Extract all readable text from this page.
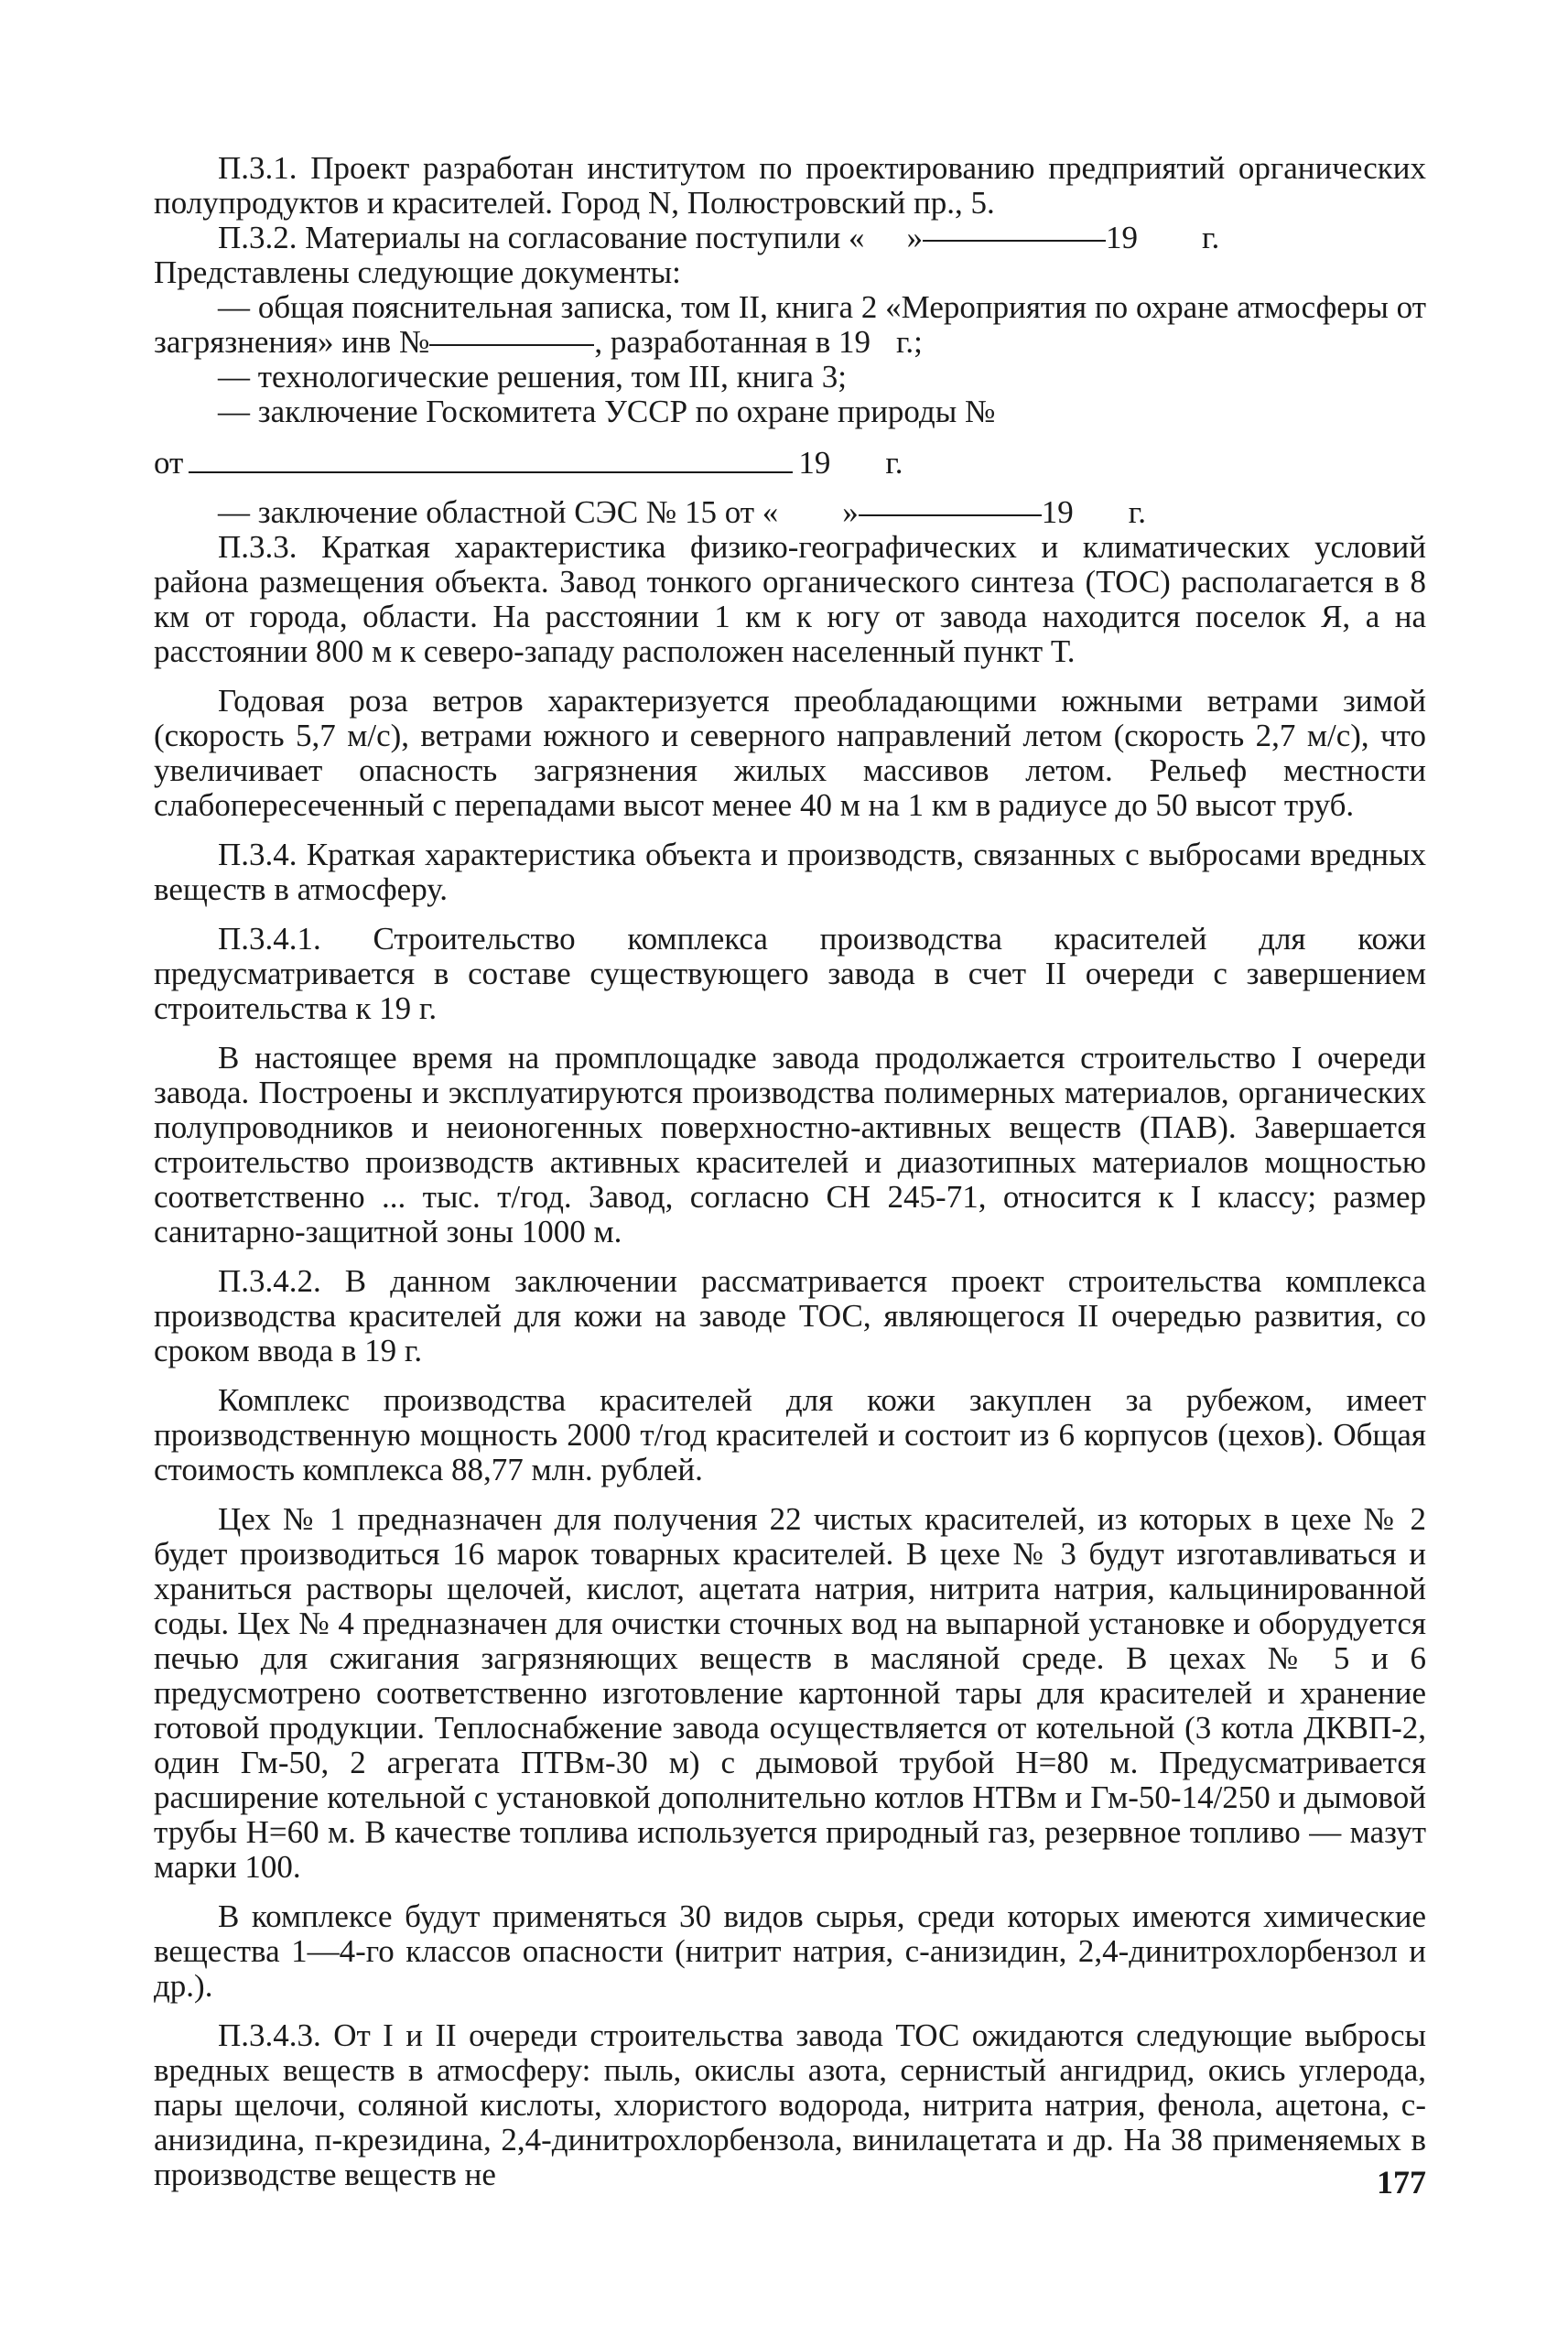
П.3.1. Проект разработан институтом по проектированию предприятий органических полупродуктов и красителей. Город N, Полюстровский пр., 5.

П.3.2. Материалы на согласование поступили « »	19 г.

Представлены следующие документы:

— общая пояснительная записка, том II, книга 2 «Мероприятия по охране атмосферы от загрязнения» инв №	, разработанная в 19 г.;

— технологические решения, том III, книга 3;

— заключение Госкомитета УССР по охране природы №

от	19 г.

— заключение областной СЭС № 15 от « »	19 г.

П.3.3. Краткая характеристика физико-географических и климатических условий района размещения объекта. Завод тонкого органического синтеза (ТОС) располагается в 8 км от города, области. На расстоянии 1 км к югу от завода находится поселок Я, а на расстоянии 800 м к северо-западу расположен населенный пункт Т.

Годовая роза ветров характеризуется преобладающими южными ветрами зимой (скорость 5,7 м/с), ветрами южного и северного направлений летом (скорость 2,7 м/с), что увеличивает опасность загрязнения жилых массивов летом. Рельеф местности слабопересеченный с перепадами высот менее 40 м на 1 км в радиусе до 50 высот труб.

П.3.4. Краткая характеристика объекта и производств, связанных с выбросами вредных веществ в атмосферу.

П.3.4.1. Строительство комплекса производства красителей для кожи предусматривается в составе существующего завода в счет II очереди с завершением строительства к 19 г.

В настоящее время на промплощадке завода продолжается строительство I очереди завода. Построены и эксплуатируются производства полимерных материалов, органических полупроводников и неионогенных поверхностно-активных веществ (ПАВ). Завершается строительство производств активных красителей и диазотипных материалов мощностью соответственно ... тыс. т/год. Завод, согласно СН 245-71, относится к I классу; размер санитарно-защитной зоны 1000 м.

П.3.4.2. В данном заключении рассматривается проект строительства комплекса производства красителей для кожи на заводе ТОС, являющегося II очередью развития, со сроком ввода в 19 г.

Комплекс производства красителей для кожи закуплен за рубежом, имеет производственную мощность 2000 т/год красителей и состоит из 6 корпусов (цехов). Общая стоимость комплекса 88,77 млн. рублей.

Цех № 1 предназначен для получения 22 чистых красителей, из которых в цехе № 2 будет производиться 16 марок товарных красителей. В цехе № 3 будут изготавливаться и храниться растворы щелочей, кислот, ацетата натрия, нитрита натрия, кальцинированной соды. Цех № 4 предназначен для очистки сточных вод на выпарной установке и оборудуется печью для сжигания загрязняющих веществ в масляной среде. В цехах № 5 и 6 предусмотрено соответственно изготовление картонной тары для красителей и хранение готовой продукции. Теплоснабжение завода осуществляется от котельной (3 котла ДКВП-2, один Гм-50, 2 агрегата ПТВм-30 м) с дымовой трубой Н=80 м. Предусматривается расширение котельной с установкой дополнительно котлов НТВм и Гм-50-14/250 и дымовой трубы Н=60 м. В качестве топлива используется природный газ, резервное топливо — мазут марки 100.

В комплексе будут применяться 30 видов сырья, среди которых имеются химические вещества 1—4-го классов опасности (нитрит натрия, с-анизидин, 2,4-динитрохлорбензол и др.).

П.3.4.3. От I и II очереди строительства завода ТОС ожидаются следующие выбросы вредных веществ в атмосферу: пыль, окислы азота, сернистый ангидрид, окись углерода, пары щелочи, соляной кислоты, хлористого водорода, нитрита натрия, фенола, ацетона, с-анизидина, п-крезидина, 2,4-динитрохлорбензола, винилацетата и др. На 38 применяемых в производстве веществ не	177
